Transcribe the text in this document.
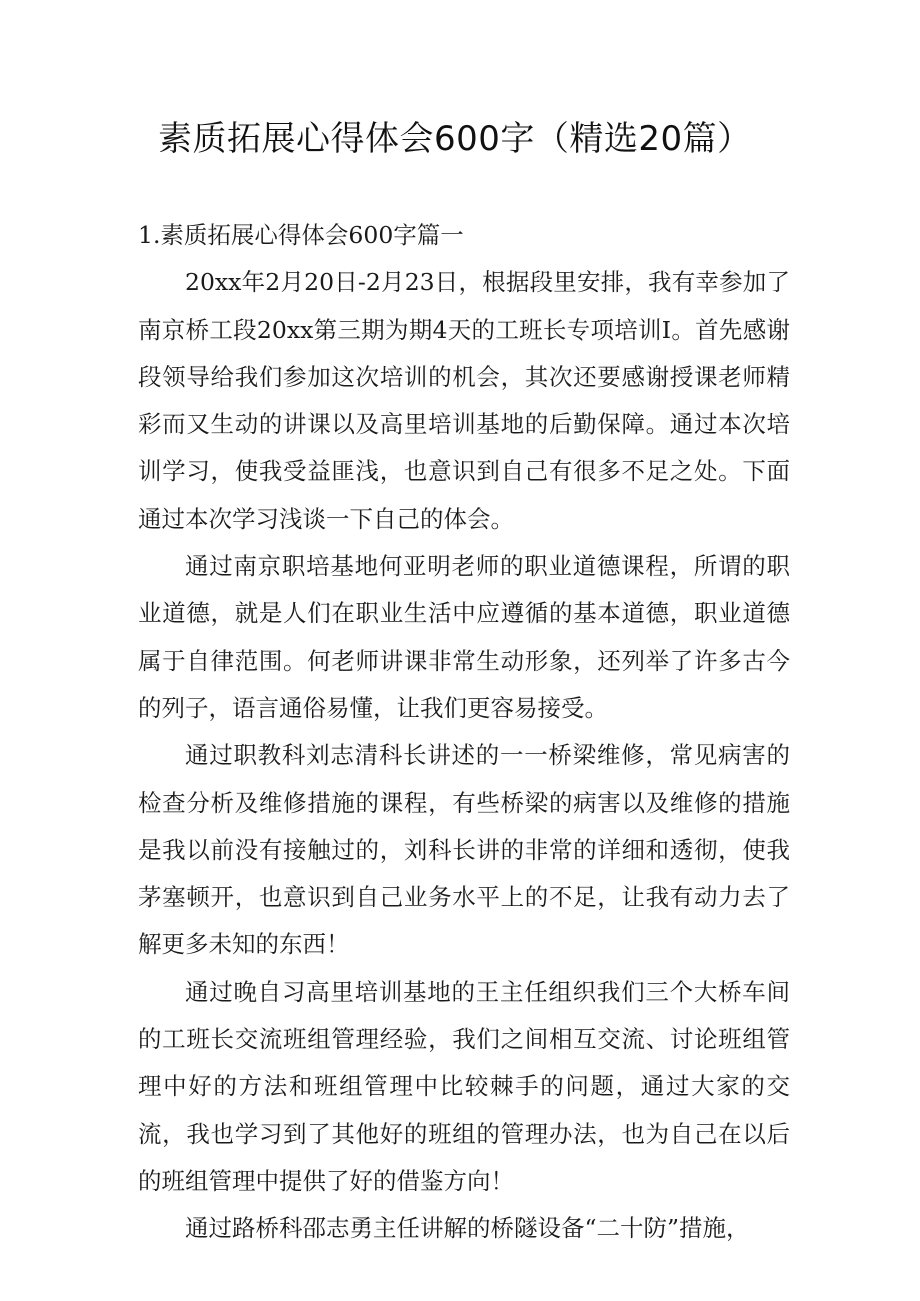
素质拓展心得体会600字（精选20篇）
1.素质拓展心得体会600字篇一

20xx年2月20日-2月23日，根据段里安排，我有幸参加了南京桥工段20xx第三期为期4天的工班长专项培训I。首先感谢段领导给我们参加这次培训的机会，其次还要感谢授课老师精彩而又生动的讲课以及高里培训基地的后勤保障。通过本次培训学习，使我受益匪浅，也意识到自己有很多不足之处。下面通过本次学习浅谈一下自己的体会。

通过南京职培基地何亚明老师的职业道德课程，所谓的职业道德，就是人们在职业生活中应遵循的基本道德，职业道德属于自律范围。何老师讲课非常生动形象，还列举了许多古今的列子，语言通俗易懂，让我们更容易接受。

通过职教科刘志清科长讲述的一一桥梁维修，常见病害的检查分析及维修措施的课程，有些桥梁的病害以及维修的措施是我以前没有接触过的，刘科长讲的非常的详细和透彻，使我茅塞顿开，也意识到自己业务水平上的不足，让我有动力去了解更多未知的东西！

通过晚自习高里培训基地的王主任组织我们三个大桥车间的工班长交流班组管理经验，我们之间相互交流、讨论班组管理中好的方法和班组管理中比较棘手的问题，通过大家的交流，我也学习到了其他好的班组的管理办法，也为自己在以后的班组管理中提供了好的借鉴方向！

通过路桥科邵志勇主任讲解的桥隧设备“二十防”措施，
